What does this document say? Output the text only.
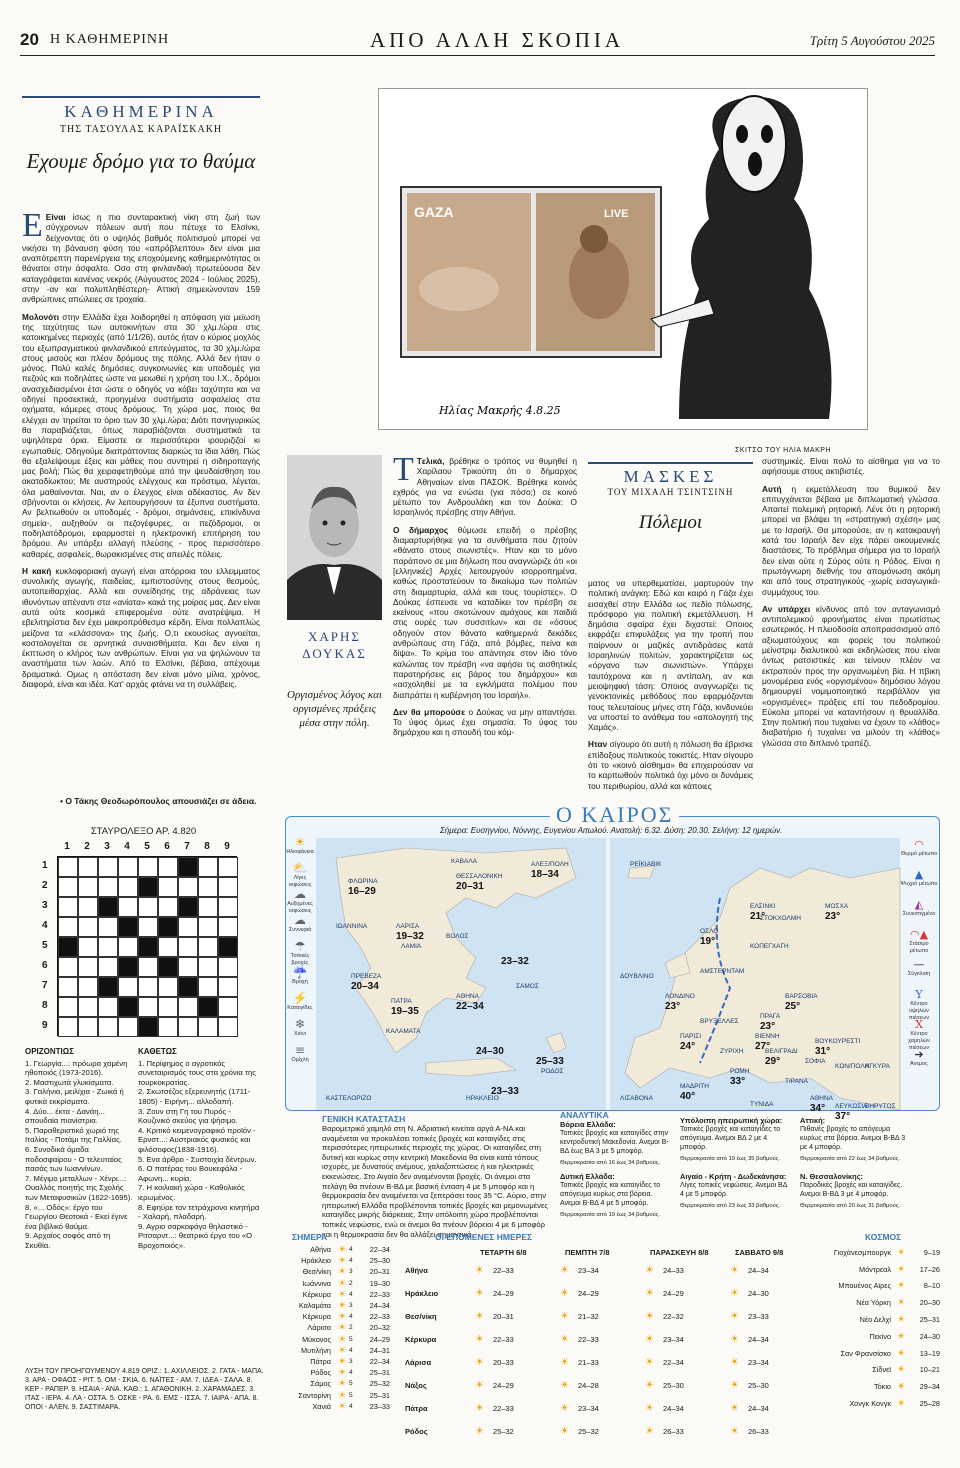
20 Η ΚΑΘΗΜΕΡΙΝΗ	ΑΠΟ ΑΛΛΗ ΣΚΟΠΙΑ	Τρίτη 5 Αυγούστου 2025
ΚΑΘΗΜΕΡΙΝΑ
ΤΗΣ ΤΑΣΟΥΛΑΣ ΚΑΡΑΪΣΚΑΚΗ
Εχουμε δρόμο για το θαύμα

E Eίναι ίσως η πιο συνταρακτική νίκη στη ζωή των σύγχρονων πόλεων αυτή που πέτυχε το Ελσίνκι, δείχνοντας ότι ο υψηλός βαθμός πολιτισμού μπορεί να νικήσει τη βάναυση φύση του «απρόβλεπτου» δεν είναι μια αναπότρεπτη παρενέργεια της εποχούμενης καθημερινότητας οι θάνατοι στην άσφαλτο. Οσο στη φινλανδική πρωτεύουσα δεν καταγράφεται κανένας νεκρός (Αύγουστος 2024 - Ιούλιος 2025), στην -αν και πολυπληθέστερη- Αττική σημειώνονταν 159 ανθρώπινες απώλειες σε τροχαία.

Μολονότι στην Ελλάδα έχει λοιδορηθεί η απόφαση για μείωση της ταχύτητας των αυτοκινήτων στα 30 χλμ./ώρα στις κατοικημένες περιοχές (από 1/1/26), αυτός ήταν ο κύριος μοχλός του εξωπραγματικού φινλανδικού επιτεύγματος, τα 30 χλμ./ώρα στους μισούς και πλέον δρόμους της πόλης. Αλλά δεν ήταν ο μόνος. Πολύ καλές δημόσιες συγκοινωνίες και υποδομές για πεζούς και ποδηλάτες ώστε να μειωθεί η χρήση του Ι.Χ., δρόμοι ανασχεδιασμένοι έτσι ώστε ο οδηγός να κόβει ταχύτητα και να οδηγεί προσεκτικά, προηγμένα συστήματα ασφαλείας στα οχήματα, κάμερες στους δρόμους. Τη χώρα μας, ποιος θα ελέγχει αν τηρείται το όριο των 30 χλμ./ώρα; Διότι πανηγυρικώς θα παραβιάζεται, όπως παραβιάζονται συστηματικά τα υψηλότερα όρια. Είμαστε οι περισσότεροι ιρουριζιζοί κι εγωπαθείς. Οδηγούμε διαπράττοντας διαρκώς τα ίδια λάθη. Πώς θα εξαλείψουμε έξεις και μάθεις που συντηρεί η σιδηροπαγής μας βολή; Πώς θα χειραφετηθούμε από την ψευδαίσθηση του ακαταδίωκτου; Με αυστηρούς ελέγχους και πρόστιμα, λέγεται, όλα μαθαίνονται. Ναι, αν ο έλεγχος είναι αδέκαστος. Αν δεν σβήνονται οι κλήσεις. Αν λειτουργήσουν τα έξυπνα συστήματα. Αν βελτιωθούν οι υποδομές - δρόμοι, σημάνσεις, επικίνδυνα σημεία-, αυξηθούν οι πεζογέφυρες, οι πεζόδρομοι, οι ποδηλατόδρομοι, εφαρμοστεί η ηλεκτρονική επιτήρηση του δρόμου. Αν υπάρξει αλλαγή πλεύσης - προς περισσότερο καθαρές, ασφαλείς, θωρακισμένες στις απειλές πόλεις.

Η κακή κυκλοφοριακή αγωγή είναι απόρροια του ελλειμματος συνολικής αγωγής, παιδείας, εμπιστοσύνης στους θεσμούς, αυτοπειθαρχίας. Αλλά και συνείδησης της αδράνειας των ιθυνόντων απέναντι στα «ανίατα» κακά της μοίρας μας. Δεν είναι αυτά ούτε κοσμικά επιφερομένα ούτε ανατρέψιμα. Η εβελιτηρίστια δεν έχει μακροπρόθεσμα κέρδη. Είναι πολλαπλώς μείζονα τα «ελάσσονα» της ζωής. Ο,τι εκουσίως αγνοείται, κοστολογείται σε αρνητικά συναισθήματα. Και δεν είναι η έκπτωση ο κλήρος των ανθρώπων. Είναι για να ψηλώνουν τα αναστήματα των λαών. Από το Ελσίνκι, βέβαια, απέχουμε δραματικά. Ομως η απόσταση δεν είναι μόνο μίλια, χρόνος, διαφορά, είναι και ιδέα. Κατ' αρχάς φτάνει να τη συλλάβεις.

• Ο Τάκης Θεοδωρόπουλος απουσιάζει σε άδεια.
GAZA	LIVE
Ηλίας Μακρής 4.8.25
ΣΚΙΤΣΟ ΤΟΥ ΗΛΙΑ ΜΑΚΡΗ
ΧΑΡΗΣ ΔΟΥΚΑΣ
Οργισμένος λόγος και οργισμένες πράξεις μέσα στην πόλη.

T Tελικά, βρέθηκε ο τρόπος να θυμηθεί η Χαρίλαου Τρικούπη ότι ο δήμαρχος Αθηναίων είναι ΠΑΣΟΚ. Βρέθηκε κοινός εχθρός για να ενώσει (για πόσο;) σε κοινό μέτωπο τον Ανδρουλάκη και τον Δούκα: Ο Ισραηλινός πρέσβης στην Αθήνα.

Ο δήμαρχος θύμωσε επειδή ο πρέσβης διαμαρτυρήθηκε για τα συνθήματα που ζητούν «θάνατο στους σιωνιστές». Ηταν και το μόνο παράπονο σε μια δήλωση που αναγνώριζε ότι «οι [ελληνικές] Αρχές λειτουργούν ισορροπημένα, καθώς προστατεύουν το δικαίωμα των πολιτών στη διαμαρτυρία, αλλά και τους τουρίστες». Ο Δούκας έσπευσε να καταδίκει τον πρέσβη σε εκείνους «που σκοτώνουν αμάχους και παιδιά στις ουρές των συσσιτίων» και σε «όσους οδηγούν στον θάνατο καθημερινά δεκάδες ανθρώπους στη Γάζα, από βόμβες, πείνα και δίψα». Το κρίμα του απάντησε στον ίδιο τόνο καλώντας τον πρέσβη «να αφήσει τις αισθητικές παρατηρήσεις εις βάρος του δημάρχου» και «ασχοληθεί με τα εγκλήματα πολέμου που διαπράττει η κυβέρνηση του Ισραήλ».

Δεν θα μπορούσε ο Δούκας να μην απαντήσει. Το ύφος όμως έχει σημασία. Το ύφος του δημάρχου και η σπουδή του κόμ-

ΜΑΣΚΕΣ
ΤΟΥ ΜΙΧΑΛΗ ΤΣΙΝΤΣΙΝΗ
Πόλεμοι

ματος να υπερθεματίσει, μαρτυρούν την πολιτική ανάγκη: Εδώ και καιρό η Γάζα έχει εισαχθεί στην Ελλάδα ως πεδίο πόλωσης, πρόσφορο για πολιτική εκμετάλλευση. Η δημόσια σφαίρα έχει διχαστεί: Οποιος εκφράζει επιφυλάξεις για την τροπή που παίρνουν οι μαζικές αντιδράσεις κατά Ισραηλινών πολιτών, χαρακτηρίζεται ως «όργανο των σιωνιστών». Υπάρχει ταυτόχρονα και η αντίπαλη, αν και μειοψηφική τάση: Οποιος αναγνωρίζει τις γενοκτονικές μεθόδους που εφαρμόζονται τους τελευταίους μήνες στη Γάζα, κινδυνεύει να υποστεί το ανάθεμα του «απολογητή της Χαμάς».

Ηταν σίγουρο ότι αυτή η πόλωση θα έβρισκε επίδοξους πολιτικούς τοκιστές. Ηταν σίγουρο ότι το «κοινό αίσθημα» θα επιχειρούσαν να το καρπωθούν πολιτικά όχι μόνο οι δυνάμεις του περιθωρίου, αλλά και κάποιες

συστημικές. Είναι πολύ το αίσθημα για να το αφήσουμε στους ακτιβιστές.

Αυτή η εκμετάλλευση του θυμικού δεν επιτυγχάνεται βέβαια με διπλωματική γλώσσα. Απαιτεί πολεμική ρητορική. Λένε ότι η ρητορική μπορεί να βλάψει τη «στρατηγική σχέση» μας με το Ισραήλ. Θα μπορούσε, αν η κατακραυγή κατά του Ισραήλ δεν είχε πάρει οικουμενικές διαστάσεις. Το πρόβλημα σήμερα για το Ισραήλ δεν είναι ούτε η Σύρος ούτε η Ρόδος. Είναι η πρωτόγνωρη διεθνής του απομόνωση ακόμη και από τους στρατηγικούς -χωρίς εισαγωγικά- συμμάχους του.

Αν υπάρχει κίνδυνος από τον ανταγωνισμό αντιπολεμικού φρονήματος είναι πρωτίστως εσωτερικός. Η πλειοδοσία αποπρασσισμού από αξιωματούχους και φορείς του πολιτικού μείνστριμ διαλυτικού και εκδηλώσεις που είναι όντως ρατσιστικές και τείνουν πλέον να εκτραπούν προς την οργανωμένη βία. Η πβικη μονομέρεια ενός «οργισμένου» δημόσιου λόγου δημιουργεί νομιμοποιητικό περιβάλλον για «οργισμένες» πράξεις επί του πεδοδρομίου. Εύκολα μπορεί να καταντήσουν η θρυαλλίδα. Στην πολιτική που τυχαίνει να έχουν το «λάθος» διαβατήριο ή τυχαίνει να μιλούν τη «λάθος» γλώσσα στο διπλανό τραπέζι.

ΣΤΑΥΡΟΛΕΞΟ ΑΡ. 4.820
1	2	3	4	5	6	7	8	9
1
2
3
4
5
6
7
8
9
ΟΡΙΖΟΝΤΙΩΣ
1. Γεωργία...: πρόωρα χαμένη ηθοποιός (1973-2016).
2. Μαστιχωτά γλυκίσματα.
3. Γαλήνια, μειλίχια - Ζωικά ή φυτικά εκκρίσματα.
4. Δύο... έκτα - Δανάη... σπουδαία πιανίστρια.
5. Παραθεριστικό χωριό της Ιταλίας - Ποτάμι της Γαλλίας.
6. Συνοδικά όμαδα ποδοσφαίρου - Ο τελευταίος πασάς των Ιωαννίνων.
7. Μέγιμο μεταλλων - Χένρι...: Ουαλλός ποιητής της Σχολής των Μεταφυσικών (1622-1695).
8. «... Οδός»: έργο του Γεωργίου Θεοτοκά - Εκεί έγινε ένα βιβλικό θαύμα.
9. Αρχαίος σοφός από τη Σκυθία.
ΚΑΘΕΤΩΣ
1. Περίφημος ο αγροτικός συνεταιρισμός τους στα χρόνια της τουρκοκρατίας.
2. Σκωτσέζος εξερευνητής (1711-1805) - Ειρήνη... αλλοδαπή.
3. Ζουν στη Γη του Πυρός - Κουζινικό σκεύος για ψήσιμο.
4. Κριτικό κειμενογραφικό προϊόν - Ερνστ...: Αυστριακός φυσικός και φιλόσοφος(1838-1916).
5. Ενα άρθρο - Συστοιχία δέντρων.
6. Ο πατέρας του Βουκεφάλα - Αφωνη... κυρία.
7. Η κοιλιακή χώρα - Καθολικός ιερωμένος.
8. Εφηύρε τον τετράχρονο κινητήρα - Χαλαρή, πλαδαρή.
9. Αγριο σαρκοφάγο θηλαστικό - Ριτσαρντ...: θεατρικό έργο του «Ο Βροχοποιός».
ΛΥΣΗ ΤΟΥ ΠΡΟΗΓΟΥΜΕΝΟΥ 4.819 ΟΡΙΖ.: 1. ΑΧΙΛΛΕΙΟΣ. 2. ΓΑΤΑ - ΜΑΠΑ. 3. ΑΡΑ - ΟΦΑΟΣ - ΡΙΤ. 5. ΟΜ - ΣΚΙΑ. 6. ΝΑΪΤΕΣ - ΑΜ. 7. ΙΔΕΑ - ΣΑΛΑ. 8. ΚΕΡ - ΡΑΠΕΡ. 9. ΗΣΑΙΑ - ΑΝΑ. ΚΑΘ.: 1. ΑΓΑΘΟΝΙΚΗ. 2. ΧΑΡΑΜΑΔΕΣ. 3. ΙΤΑΣ - ΙΕΡΑ. 4. ΛΑ - ΟΣΤΑ. 5. ΟΣΚΕ - ΡΑ. 6. ΕΜΣ - ΙΣΣΑ. 7. ΙΑΙΡΑ - ΑΠΑ. 8. ΟΠΟΙ - ΑΛΕΝ. 9. ΣΑΣΤΙΜΑΡΑ.
Ο ΚΑΙΡΟΣ
Σήμερα: Ευσηγνίου, Νόννης, Ευγενίου Αιτωλού. Ανατολή: 6.32. Δύση: 20.30. Σελήνη: 12 ημερών.
☀
Ηλιοφάνεια
⛅
Λίγες νεφώσεις
☁
Αυξημένες νεφώσεις
☁
Συννεφιά
☂
Τοπικές βροχές
☔
Βροχή
⚡
Καταιγίδες
❄
Χιόνι
≡
Ομίχλη
ΦΛΩΡΙΝΑ
16–29
ΚΑΒΑΛΑ
ΘΕΣΣΑΛΟΝΙΚΗ
20–31
ΑΛΕΞ/ΠΟΛΗ
18–34
ΙΩΑΝΝΙΝΑ	ΛΑΡΙΣΑ
19–32	ΒΟΛΟΣ
ΛΑΜΙΑ
23–32
ΠΡΕΒΕΖΑ
20–34
ΠΑΤΡΑ
19–35
ΑΘΗΝΑ
22–34
ΣΑΜΟΣ
ΚΑΛΑΜΑΤΑ
24–30
25–33
ΡΟΔΟΣ
23–33
ΚΑΣΤΕΛΟΡΙΖΟ	ΗΡΑΚΛΕΙΟ
ΡΕΪΚΙΑΒΙΚ
ΕΛΣΙΝΚΙ
21°
ΣΤΟΚΧΟΛΜΗ
ΜΟΣΧΑ
23°
ΟΣΛΟ
19°	ΚΟΠΕΓΧΑΓΗ
ΔΟΥΒΛΙΝΟ
ΑΜΣΤΕΡΝΤΑΜ
ΛΟΝΔΙΝΟ
23°
ΒΑΡΣΟΒΙΑ
25°
ΒΡΥΞΕΛΛΕΣ
ΠΡΑΓΑ
23°
ΠΑΡΙΣΙ
24°	ΖΥΡΙΧΗ
ΒΙΕΝΝΗ
27°	ΒΟΥΚΟΥΡΕΣΤΙ
31°
ΒΕΛΙΓΡΑΔΙ
29°	ΣΟΦΙΑ
ΡΩΜΗ
33°	ΤΙΡΑΝΑ
ΚΩΝ/ΠΟΛΗ
ΑΓΚΥΡΑ
ΜΑΔΡΙΤΗ
40°
ΛΙΣΑΒΟΝΑ	ΑΘΗΝΑ
34° ΛΕΥΚΩΣΙΑ
37°
ΤΥΝΙΔΑ	ΒΗΡΥΤΟΣ
◠
Θερμό μέτωπο
▲
Ψυχρό μέτωπο
◭
Συνεστιγμένο
◠▲
Στάσιμο μέτωπο
—
Σύγκλιση
Υ
Κέντρο υψηλών πιέσεων
Χ
Κέντρο χαμηλών πιέσεων
➔
Άνεμος
ΓΕΝΙΚΗ ΚΑΤΑΣΤΑΣΗ
Βαρομετρικό χαμηλό στη Ν. Αδριατική κινείται αργά Α-ΝΑ και αναμένεται να προκαλέσει τοπικές βροχές και καταιγίδες στις περισσότερες ηπειρωτικές περιοχές της χώρας. Οι καταιγίδες στη δυτική και κυρίως στην κεντρική Μακεδονία θα είναι κατά τόπους ισχυρές, με δυνατούς ανέμους, χαλαζοπτώσεις ή και ηλεκτρικές εκκενώσεις. Στο Αιγαίο δεν αναμένονται βροχές. Οι άνεμοι στα πελάγη θα πνέουν Β-ΒΔ με βασική ένταση 4 με 5 μποφόρ και η θερμοκρασία δεν αναμένεται να ξεπεράσει τους 35 °C. Αύριο, στην ηπειρωτική Ελλάδα προβλέπονται τοπικές βροχές και μεμονωμένες καταιγίδες μικρής διάρκειας. Στην υπόλοιπη χώρα προβλέπονται τοπικές νεφώσεις, ενώ οι άνεμοι θα πνέουν βόρειοι 4 με 6 μποφόρ και η θερμοκρασία δεν θα αλλάξει σημαντικά.
ΑΝΑΛΥΤΙΚΑ
Βόρεια Ελλάδα:
Τοπικές βροχές και καταιγίδες στην κεντροδυτική Μακεδονία. Ανεμοι Β-ΒΔ έως ΒΑ 3 με 5 μποφόρ.
Θερμοκρασία από 16 έως 34 βαθμούς.
Υπόλοιπη ηπειρωτική χώρα:
Τοπικές βροχές και καταιγίδες το απόγευμα. Ανεμοι ΒΔ 2 με 4 μποφόρ.
Θερμοκρασία από 19 έως 35 βαθμούς.
Αττική:
Πιθανές βροχές το απόγευμα κυρίως στα βόρεια. Ανεμοι Β-ΒΔ 3 με 4 μποφόρ.
Θερμοκρασία από 22 έως 34 βαθμούς.
Δυτική Ελλάδα:
Τοπικές βροχές και καταιγίδες το απόγευμα κυρίως στα βόρεια. Ανεμοι Β-ΒΔ 4 με 5 μποφόρ.
Θερμοκρασία από 19 έως 34 βαθμούς.
Αιγαίο - Κρήτη - Δωδεκάνησα:
Λίγες τοπικές νεφώσεις. Ανεμοι ΒΔ 4 με 5 μποφόρ.
Θερμοκρασία από 23 έως 33 βαθμούς.
Ν. Θεσσαλονίκης:
Παροδικές βροχές και καταιγίδες. Ανεμοι Β-ΒΔ 3 με 4 μποφόρ.
Θερμοκρασία από 20 έως 31 βαθμούς.
ΣΗΜΕΡΑ
Αθήνα ☀ 4	22–34
Ηράκλειο ☀ 4	25–30
Θεσ/νίκη ☀ 3	20–31
Ιωάννινα ☀ 2	19–30
Κέρκυρα ☀ 4	22–33
Καλαμάτα ☀ 3	24–34
Κέρκυρα ☀ 4	22–33
Λάρισα ☀ 2	20–32
Μύκονος ☀ 5	24–29
Μυτιλήνη ☀ 4	24–31
Πάτρα ☀ 3	22–34
Ρόδος ☀ 4	25–31
Σάμος ☀ 5	25–32
Σαντορίνη ☀ 5	25–31
Χανιά ☀ 4	23–33
ΟΙ ΕΠΟΜΕΝΕΣ ΗΜΕΡΕΣ
ΤΕΤΑΡΤΗ 6/8	ΠΕΜΠΤΗ 7/8	ΠΑΡΑΣΚΕΥΗ 8/8	ΣΑΒΒΑΤΟ 9/8
Αθήνα	☀ 22–33	☀ 23–34	☀ 24–33	☀ 24–34
Ηράκλειο	☀ 24–29	☀ 24–29	☀ 24–29	☀ 24–30
Θεσ/νίκη	☀ 20–31	☀ 21–32	☀ 22–32	☀ 23–33
Κέρκυρα	☀ 22–33	☀ 22–33	☀ 23–34	☀ 24–34
Λάρισα	☀ 20–33	☀ 21–33	☀ 22–34	☀ 23–34
Νάξος	☀ 24–29	☀ 24–28	☀ 25–30	☀ 25–30
Πάτρα	☀ 22–33	☀ 23–34	☀ 24–34	☀ 24–34
Ρόδος	☀ 25–32	☀ 25–32	☀ 26–33	☀ 26–33
ΚΟΣΜΟΣ
Γιοχάνεσμπουργκ ☀	9–19
Μόντρεαλ ☀	17–26
Μπουένος Αϊρες ☀	8–10
Νέα Υόρκη ☀	20–30
Νέο Δελχί ☀	25–31
Πεκίνο ☀	24–30
Σαν Φρανσίσκο ☀	13–19
Σίδνεϊ ☀	10–21
Τόκιο ☀	29–34
Χονγκ Κονγκ ☀	25–28
